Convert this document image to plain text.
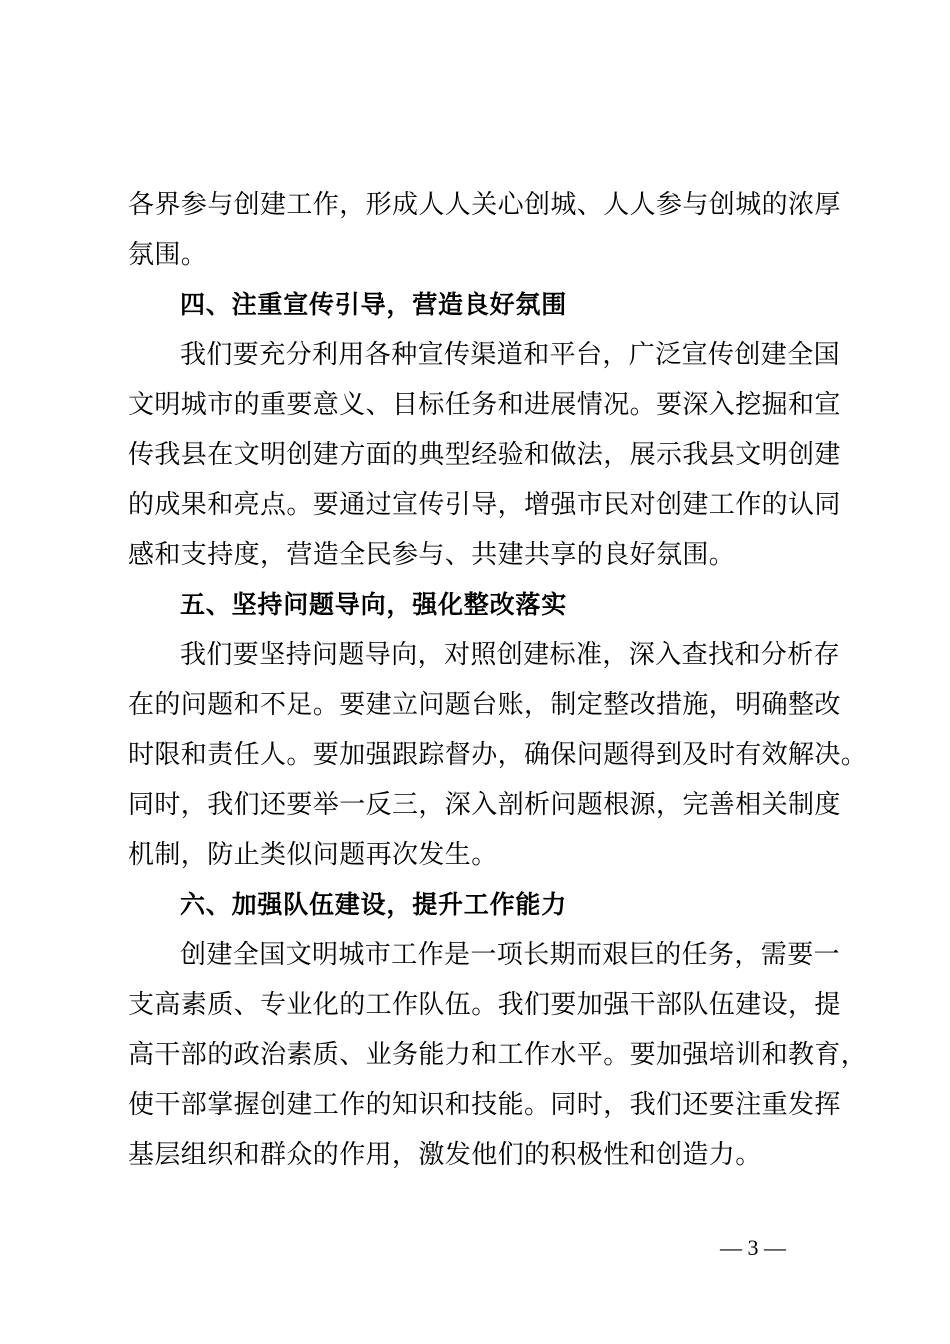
各界参与创建工作，形成人人关心创城、人人参与创城的浓厚
氛围。
四、注重宣传引导，营造良好氛围
我们要充分利用各种宣传渠道和平台，广泛宣传创建全国
文明城市的重要意义、目标任务和进展情况。要深入挖掘和宣
传我县在文明创建方面的典型经验和做法，展示我县文明创建
的成果和亮点。要通过宣传引导，增强市民对创建工作的认同
感和支持度，营造全民参与、共建共享的良好氛围。
五、坚持问题导向，强化整改落实
我们要坚持问题导向，对照创建标准，深入查找和分析存
在的问题和不足。要建立问题台账，制定整改措施，明确整改
时限和责任人。要加强跟踪督办，确保问题得到及时有效解决。
同时，我们还要举一反三，深入剖析问题根源，完善相关制度
机制，防止类似问题再次发生。
六、加强队伍建设，提升工作能力
创建全国文明城市工作是一项长期而艰巨的任务，需要一
支高素质、专业化的工作队伍。我们要加强干部队伍建设，提
高干部的政治素质、业务能力和工作水平。要加强培训和教育，
使干部掌握创建工作的知识和技能。同时，我们还要注重发挥
基层组织和群众的作用，激发他们的积极性和创造力。
— 3 —
